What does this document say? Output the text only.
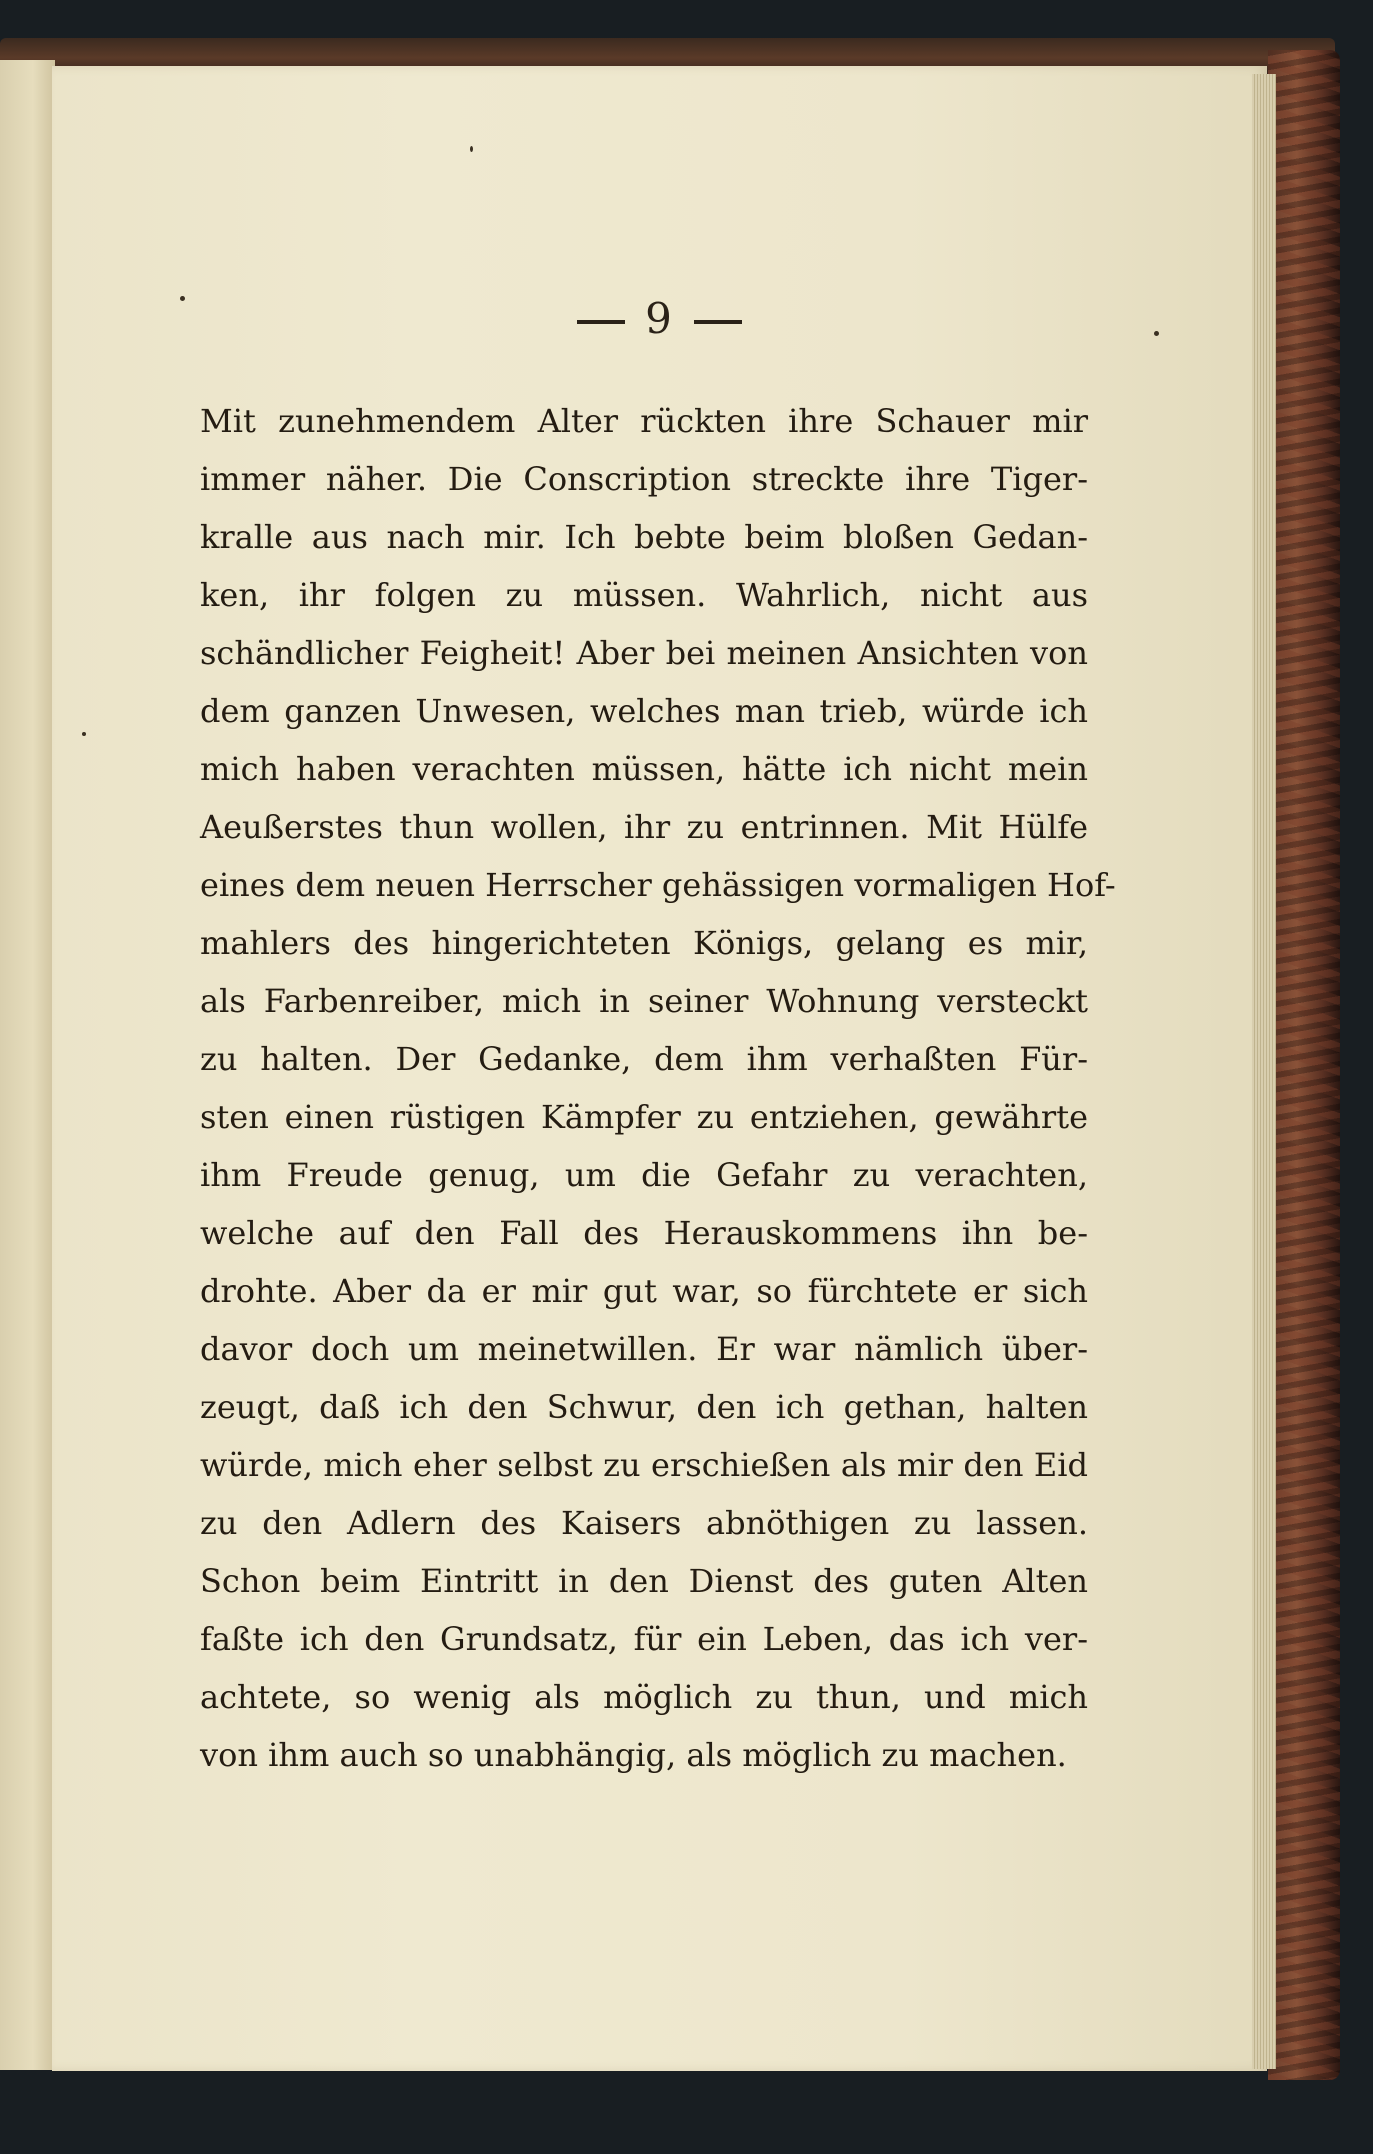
9
Mit zunehmendem Alter rückten ihre Schauer mir
immer näher. Die Conscription streckte ihre Tiger-
kralle aus nach mir. Ich bebte beim bloßen Gedan-
ken, ihr folgen zu müssen. Wahrlich, nicht aus
schändlicher Feigheit! Aber bei meinen Ansichten von
dem ganzen Unwesen, welches man trieb, würde ich
mich haben verachten müssen, hätte ich nicht mein
Aeußerstes thun wollen, ihr zu entrinnen. Mit Hülfe
eines dem neuen Herrscher gehässigen vormaligen Hof-
mahlers des hingerichteten Königs, gelang es mir,
als Farbenreiber, mich in seiner Wohnung versteckt
zu halten. Der Gedanke, dem ihm verhaßten Für-
sten einen rüstigen Kämpfer zu entziehen, gewährte
ihm Freude genug, um die Gefahr zu verachten,
welche auf den Fall des Herauskommens ihn be-
drohte. Aber da er mir gut war, so fürchtete er sich
davor doch um meinetwillen. Er war nämlich über-
zeugt, daß ich den Schwur, den ich gethan, halten
würde, mich eher selbst zu erschießen als mir den Eid
zu den Adlern des Kaisers abnöthigen zu lassen.
Schon beim Eintritt in den Dienst des guten Alten
faßte ich den Grundsatz, für ein Leben, das ich ver-
achtete, so wenig als möglich zu thun, und mich
von ihm auch so unabhängig, als möglich zu machen.
